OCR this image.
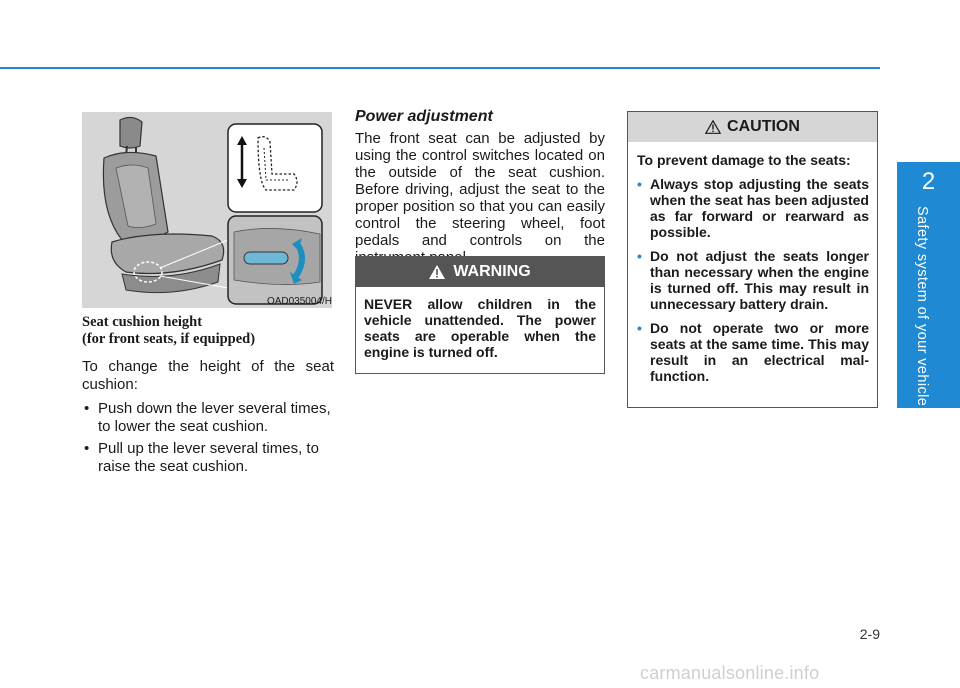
2
Safety system of your vehicle
OAD035004/H

Seat cushion height
(for front seats, if equipped)

To change the height of the seat cushion:

• Push down the lever several times, to lower the seat cushion.
• Pull up the lever several times, to raise the seat cushion.

Power adjustment

The front seat can be adjusted by using the control switches located on the outside of the seat cushion. Before driving, adjust the seat to the proper position so that you can easily control the steering wheel, foot pedals and controls on the

WARNING
NEVER allow children in the vehicle unattended. The power seats are operable when the engine is turned off.
CAUTION

To prevent damage to the seats:

• Always stop adjusting the seats when the seat has been adjusted as far forward or rearward as possible.
• Do not adjust the seats longer than necessary when the engine is turned off. This may result in unnecessary battery drain.
• Do not operate two or more seats at the same time. This may result in an electrical mal-function.
2-9
carmanualsonline.info
